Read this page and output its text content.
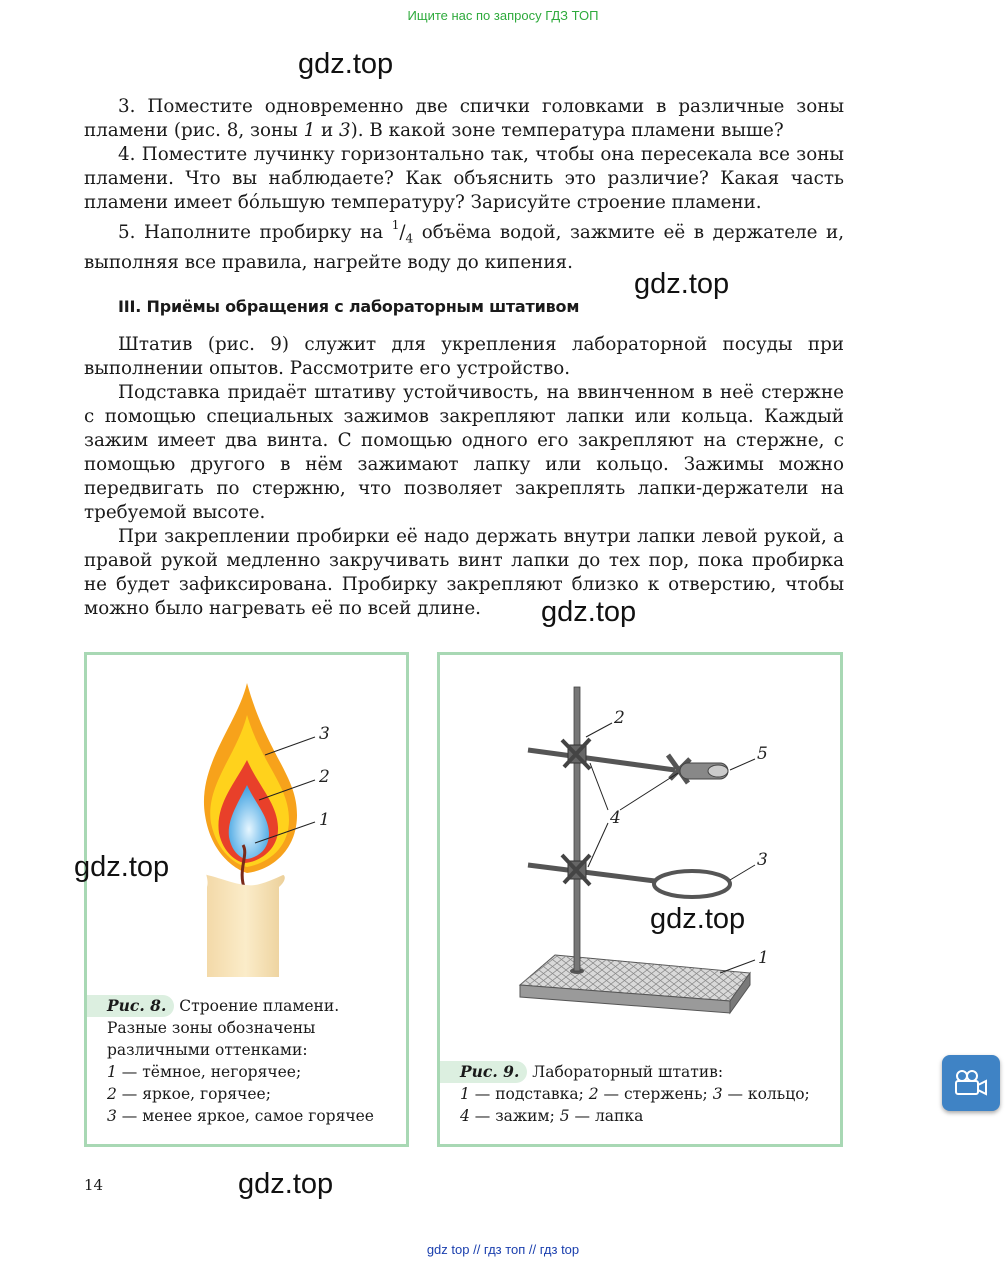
Ищите нас по запросу ГДЗ ТОП
gdz.top
gdz.top
gdz.top

3. Поместите одновременно две спички головками в различные зоны пламени (рис. 8, зоны 1 и 3). В какой зоне температура пламени выше?

4. Поместите лучинку горизонтально так, чтобы она пересекала все зоны пламени. Что вы наблюдаете? Как объяснить это различие? Какая часть пламени имеет бо́льшую температуру? Зарисуйте строение пламени.

5. Наполните пробирку на $^1/_4$ объёма водой, зажмите её в держателе и, выполняя все правила, нагрейте воду до кипения.

III. Приёмы обращения с лабораторным штативом

Штатив (рис. 9) служит для укрепления лабораторной посуды при выполнении опытов. Рассмотрите его устройство.

Подставка придаёт штативу устойчивость, на ввинченном в неё стержне с помощью специальных зажимов закрепляют лапки или кольца. Каждый зажим имеет два винта. С помощью одного его закрепляют на стержне, с помощью другого в нём зажимают лапку или кольцо. Зажимы можно передвигать по стержню, что позволяет закреплять лапки-держатели на требуемой высоте.

При закреплении пробирки её надо держать внутри лапки левой рукой, а правой рукой медленно закручивать винт лапки до тех пор, пока пробирка не будет зафиксирована. Пробирку закрепляют близко к отверстию, чтобы можно было нагревать её по всей длине.

3
2
1
Рис. 8. Строение пламени.
Разные зоны обозначены
различными оттенками:
1 — тёмное, негорячее;
2 — яркое, горячее;
3 — менее яркое, самое горячее
gdz.top
2
5
4
3
1
Рис. 9. Лабораторный штатив:
1 — подставка; 2 — стержень; 3 — кольцо;
4 — зажим; 5 — лапка
gdz.top
14	gdz.top
gdz top // гдз топ // гдз top
